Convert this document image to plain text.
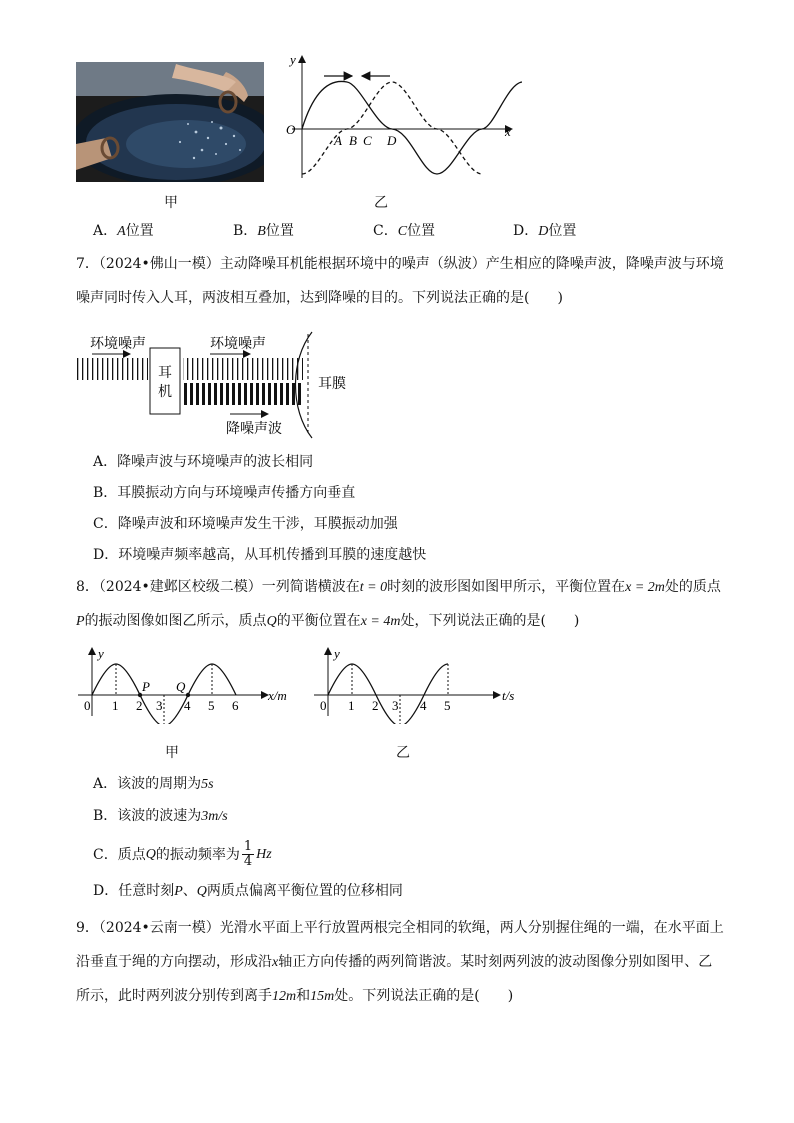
甲
y
x
O
A B C D
乙
A．A位置	B．B位置	C．C位置	D．D位置
7．（2024•佛山一模）主动降噪耳机能根据环境中的噪声（纵波）产生相应的降噪声波，降噪声波与环境
噪声同时传入人耳，两波相互叠加，达到降噪的目的。下列说法正确的是(　　)
耳
机
环境噪声	环境噪声
耳膜
降噪声波
A．降噪声波与环境噪声的波长相同
B．耳膜振动方向与环境噪声传播方向垂直
C．降噪声波和环境噪声发生干涉，耳膜振动加强
D．环境噪声频率越高，从耳机传播到耳膜的速度越快
8．（2024•建邺区校级二模）一列简谐横波在t = 0时刻的波形图如图甲所示，平衡位置在x = 2m处的质点
P的振动图像如图乙所示，质点Q的平衡位置在x = 4m处，下列说法正确的是(　　)
y
x/m
P Q
0 1 2 3 4 5 6
甲
y
t/s
0 1 2 3 4 5
乙
A．该波的周期为5s
B．该波的波速为3m/s
C．质点 Q 的振动频率为 $\frac{1}{4}$ Hz
D．任意时刻P、Q两质点偏离平衡位置的位移相同
9．（2024•云南一模）光滑水平面上平行放置两根完全相同的软绳，两人分别握住绳的一端，在水平面上
沿垂直于绳的方向摆动，形成沿x轴正方向传播的两列简谐波。某时刻两列波的波动图像分别如图甲、乙
所示，此时两列波分别传到离手12m和15m处。下列说法正确的是(　　)
